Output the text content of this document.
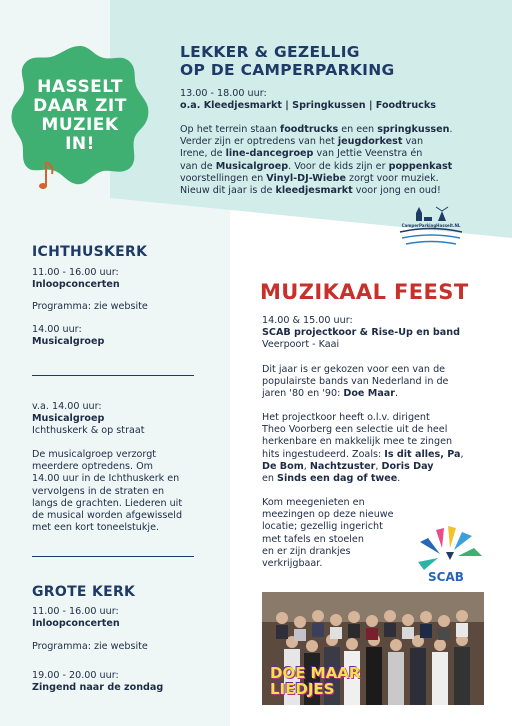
HASSELT
DAAR ZIT
MUZIEK
IN!
LEKKER & GEZELLIG
OP DE CAMPERPARKING
13.00 - 18.00 uur:
o.a. Kleedjesmarkt | Springkussen | Foodtrucks
Op het terrein staan foodtrucks en een springkussen.
Verder zijn er optredens van het jeugdorkest van
Irene, de line-dancegroep van Jettie Veenstra én
van de Musicalgroep. Voor de kids zijn er poppenkast
voorstellingen en Vinyl-DJ-Wiebe zorgt voor muziek.
Nieuw dit jaar is de kleedjesmarkt voor jong en oud!
CamperParkingHasselt.NL
ICHTHUSKERK
11.00 - 16.00 uur:
Inloopconcerten
Programma: zie website
14.00 uur:
Musicalgroep
v.a. 14.00 uur:
Musicalgroep
Ichthuskerk & op straat
De musicalgroep verzorgt
meerdere optredens. Om
14.00 uur in de Ichthuskerk en
vervolgens in de straten en
langs de grachten. Liederen uit
de musical worden afgewisseld
met een kort toneelstukje.
GROTE KERK
11.00 - 16.00 uur:
Inloopconcerten
Programma: zie website
19.00 - 20.00 uur:
Zingend naar de zondag
MUZIKAAL FEEST
14.00 & 15.00 uur:
SCAB projectkoor & Rise-Up en band
Veerpoort - Kaai
Dit jaar is er gekozen voor een van de
populairste bands van Nederland in de
jaren '80 en '90: Doe Maar.
Het projectkoor heeft o.l.v. dirigent
Theo Voorberg een selectie uit de heel
herkenbare en makkelijk mee te zingen
hits ingestudeerd. Zoals: Is dit alles, Pa,
De Bom, Nachtzuster, Doris Day
en Sinds een dag of twee.
Kom meegenieten en
meezingen op deze nieuwe
locatie; gezellig ingericht
met tafels en stoelen
en er zijn drankjes
verkrijgbaar.
SCAB
DOE MAAR
LIEDJES
